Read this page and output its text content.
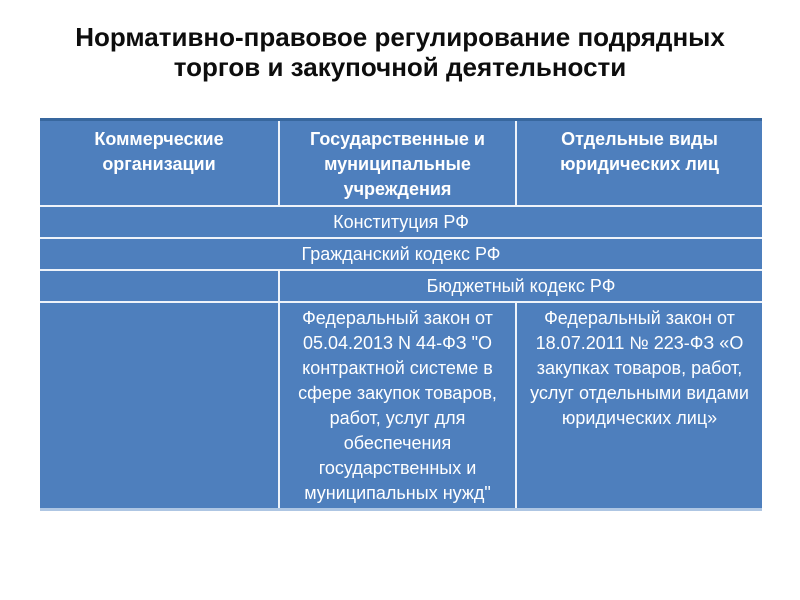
Нормативно-правовое регулирование подрядных торгов и закупочной деятельности
Коммерческие организации	Государственные и муниципальные учреждения	Отдельные виды юридических лиц
Конституция РФ		
Гражданский кодекс РФ		
	Бюджетный кодекс РФ	
	Федеральный закон от 05.04.2013 N 44-ФЗ "О контрактной системе в сфере закупок товаров, работ, услуг для обеспечения государственных и муниципальных нужд"	Федеральный закон от 18.07.2011 № 223-ФЗ «О закупках товаров, работ, услуг отдельными видами юридических лиц»
